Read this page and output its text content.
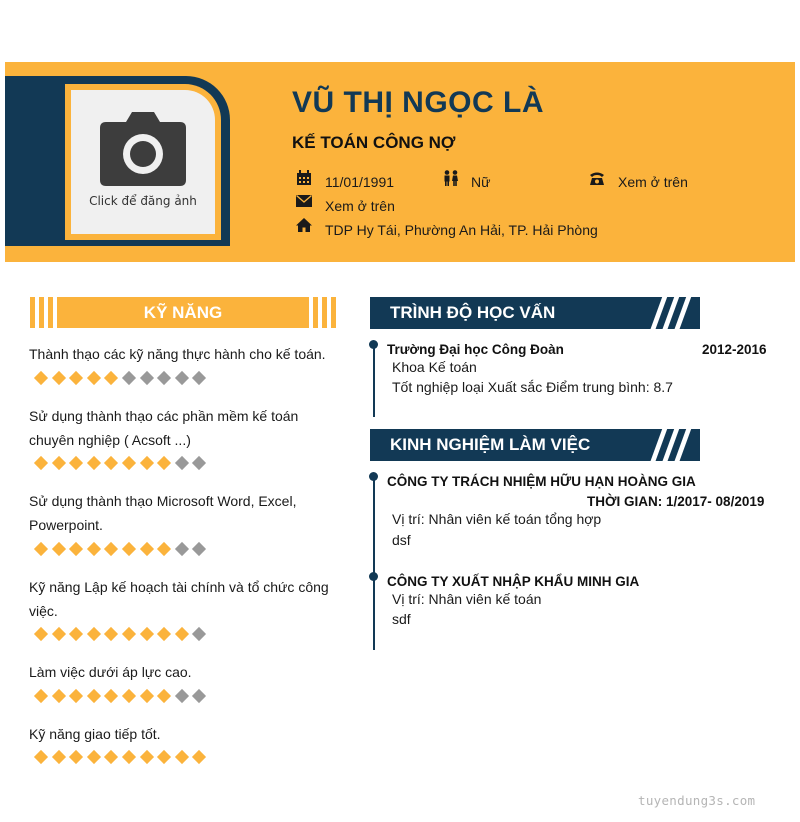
Click để đăng ảnh
VŨ THỊ NGỌC LÀ
KẾ TOÁN CÔNG NỢ
11/01/1991	Nữ	Xem ở trên
Xem ở trên
TDP Hy Tái, Phường An Hải, TP. Hải Phòng
KỸ NĂNG
Thành thạo các kỹ năng thực hành cho kế toán.
Sử dụng thành thạo các phần mềm kế toán
chuyên nghiệp ( Acsoft ...)
Sử dụng thành thạo Microsoft Word, Excel,
Powerpoint.
Kỹ năng Lập kế hoạch tài chính và tổ chức công
việc.
Làm việc dưới áp lực cao.
Kỹ năng giao tiếp tốt.
TRÌNH ĐỘ HỌC VẤN
Trường Đại học Công Đoàn	2012-2016
Khoa Kế toán
Tốt nghiệp loại Xuất sắc Điểm trung bình: 8.7
KINH NGHIỆM LÀM VIỆC
CÔNG TY TRÁCH NHIỆM HỮU HẠN HOÀNG GIA
THỜI GIAN: 1/2017- 08/2019
Vị trí: Nhân viên kế toán tổng hợp
dsf
CÔNG TY XUẤT NHẬP KHẨU MINH GIA
Vị trí: Nhân viên kế toán
sdf
tuyendung3s.com
